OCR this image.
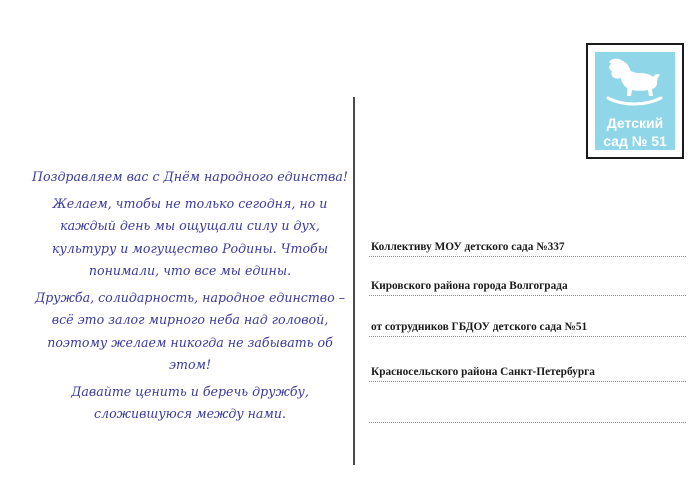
Поздравляем вас с Днём народного единства!

Желаем, чтобы не только сегодня, но и каждый день мы ощущали силу и дух, культуру и могущество Родины. Чтобы понимали, что все мы едины.

Дружба, солидарность, народное единство – всё это залог мирного неба над головой, поэтому желаем никогда не забывать об этом!

Давайте ценить и беречь дружбу, сложившуюся между нами.

Детский
сад № 51
Коллективу МОУ детского сада №337
Кировского района города Волгограда
от сотрудников ГБДОУ детского сада №51
Красносельского района Санкт-Петербурга
